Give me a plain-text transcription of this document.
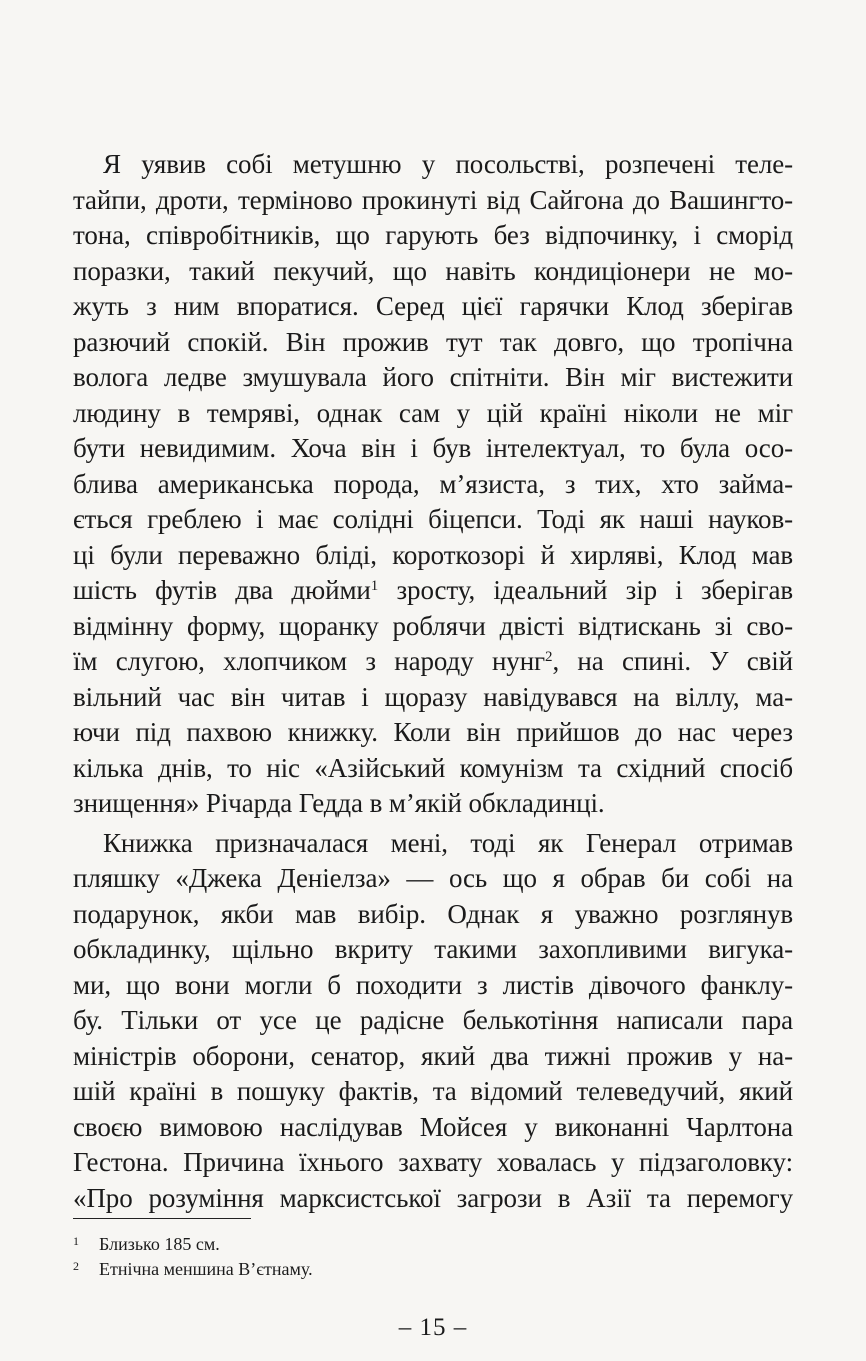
Я уявив собі метушню у посольстві, розпечені теле-
тайпи, дроти, терміново прокинуті від Сайгона до Вашингто-
тона, співробітників, що гарують без відпочинку, і сморід
поразки, такий пекучий, що навіть кондиціонери не мо-
жуть з ним впоратися. Серед цієї гарячки Клод зберігав
разючий спокій. Він прожив тут так довго, що тропічна
волога ледве змушувала його спітніти. Він міг вистежити
людину в темряві, однак сам у цій країні ніколи не міг
бути невидимим. Хоча він і був інтелектуал, то була осо-
блива американська порода, м’язиста, з тих, хто займа-
ється греблею і має солідні біцепси. Тоді як наші науков-
ці були переважно бліді, короткозорі й хирляві, Клод мав
шість футів два дюйми$^1$ зросту, ідеальний зір і зберігав
відмінну форму, щоранку роблячи двісті відтискань зі сво-
їм слугою, хлопчиком з народу нунг$^2$, на спині. У свій
вільний час він читав і щоразу навідувався на віллу, ма-
ючи під пахвою книжку. Коли він прийшов до нас через
кілька днів, то ніс «Азійський комунізм та східний спосіб
знищення» Річарда Гедда в м’якій обкладинці.
Книжка призначалася мені, тоді як Генерал отримав
пляшку «Джека Деніелза» — ось що я обрав би собі на
подарунок, якби мав вибір. Однак я уважно розглянув
обкладинку, щільно вкриту такими захопливими вигука-
ми, що вони могли б походити з листів дівочого фанклу-
бу. Тільки от усе це радісне белькотіння написали пара
міністрів оборони, сенатор, який два тижні прожив у на-
шій країні в пошуку фактів, та відомий телеведучий, який
своєю вимовою наслідував Мойсея у виконанні Чарлтона
Гестона. Причина їхнього захвату ховалась у підзаголовку:
«Про розуміння марксистської загрози в Азії та перемогу
1	Близько 185 см.
2	Етнічна меншина В’єтнаму.
– 15 –
